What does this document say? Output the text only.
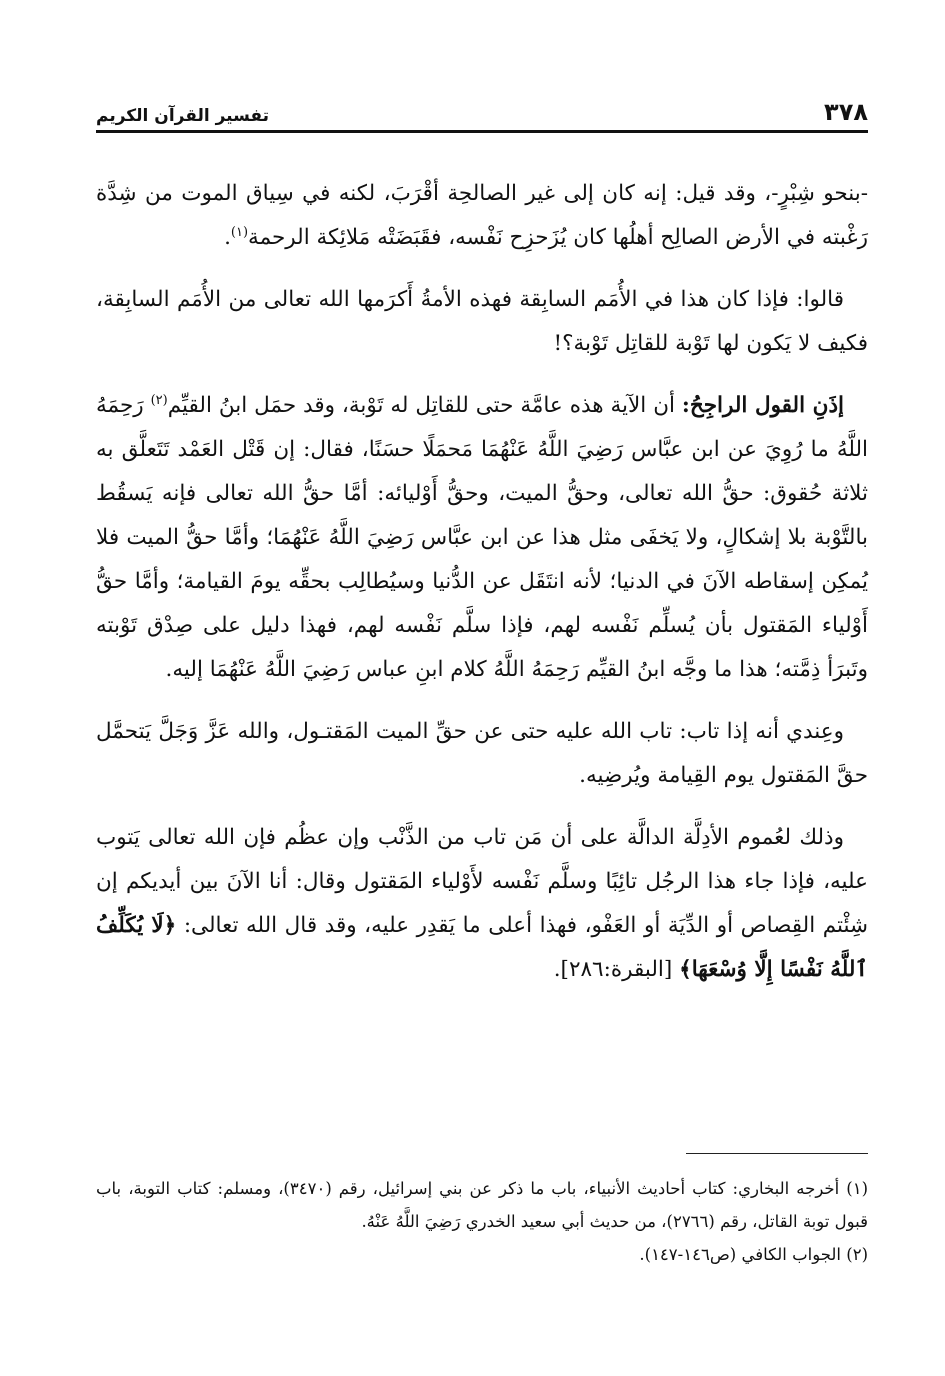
٣٧٨
تفسير القرآن الكريم

-بنحو شِبْرٍ-، وقد قيل: إنه كان إلى غير الصالحِة أقْرَبَ، لكنه في سِياق الموت من شِدَّة رَغْبته في الأرض الصالِح أهلُها كان يُزَحزِح نَفْسه، فقَبَضَتْه مَلائِكة الرحمة$^{(١)}$.

قالوا: فإذا كان هذا في الأُمَم السابِقة فهذه الأمةُ أَكرَمها الله تعالى من الأُمَم السابِقة، فكيف لا يَكون لها تَوْبة للقاتِل تَوْبة؟!

إذَنِ القول الراجِحُ: أن الآية هذه عامَّة حتى للقاتِل له تَوْبة، وقد حمَل ابنُ القيِّم$^{(٢)}$ رَحِمَهُ اللَّهُ ما رُوِيَ عن ابن عبَّاس رَضِيَ اللَّهُ عَنْهُمَا مَحمَلًا حسَنًا، فقال: إن قَتْل العَمْد تَتَعلَّق به ثلاثة حُقوق: حقُّ الله تعالى، وحقُّ الميت، وحقُّ أَوْليائه: أمَّا حقُّ الله تعالى فإنه يَسقُط بالتَّوْبة بلا إشكالٍ، ولا يَخفَى مثل هذا عن ابن عبَّاس رَضِيَ اللَّهُ عَنْهُمَا؛ وأمَّا حقُّ الميت فلا يُمكِن إسقاطه الآنَ في الدنيا؛ لأنه انتَقَل عن الدُّنيا وسيُطالِب بحقِّه يومَ القيامة؛ وأمَّا حقُّ أَوْلياء المَقتول بأن يُسلِّم نَفْسه لهم، فإذا سلَّم نَفْسه لهم، فهذا دليل على صِدْق تَوْبته وتَبرَأ ذِمَّته؛ هذا ما وجَّه ابنُ القيِّم رَحِمَهُ اللَّهُ كلام ابنِ عباس رَضِيَ اللَّهُ عَنْهُمَا إليه.

وعِندي أنه إذا تاب: تاب الله عليه حتى عن حقِّ الميت المَقتـول، والله عَزَّ وَجَلَّ يَتحمَّل حقَّ المَقتول يوم القِيامة ويُرضِيه.

وذلك لعُموم الأدِلَّة الدالَّة على أن مَن تاب من الذَّنْب وإن عظُم فإن الله تعالى يَتوب عليه، فإذا جاء هذا الرجُل تائِبًا وسلَّم نَفْسه لأَوْلياء المَقتول وقال: أنا الآنَ بين أيديكم إن شِئْتم القِصاص أو الدِّيَة أو العَفْو، فهذا أعلى ما يَقدِر عليه، وقد قال الله تعالى: ﴿لَا يُكَلِّفُ ٱللَّهُ نَفْسًا إِلَّا وُسْعَهَا﴾ [البقرة:٢٨٦].

(١) أخرجه البخاري: كتاب أحاديث الأنبياء، باب ما ذكر عن بني إسرائيل، رقم (٣٤٧٠)، ومسلم: كتاب التوبة، باب قبول توبة القاتل، رقم (٢٧٦٦)، من حديث أبي سعيد الخدري رَضِيَ اللَّهُ عَنْهُ.

(٢) الجواب الكافي (ص١٤٦-١٤٧).
